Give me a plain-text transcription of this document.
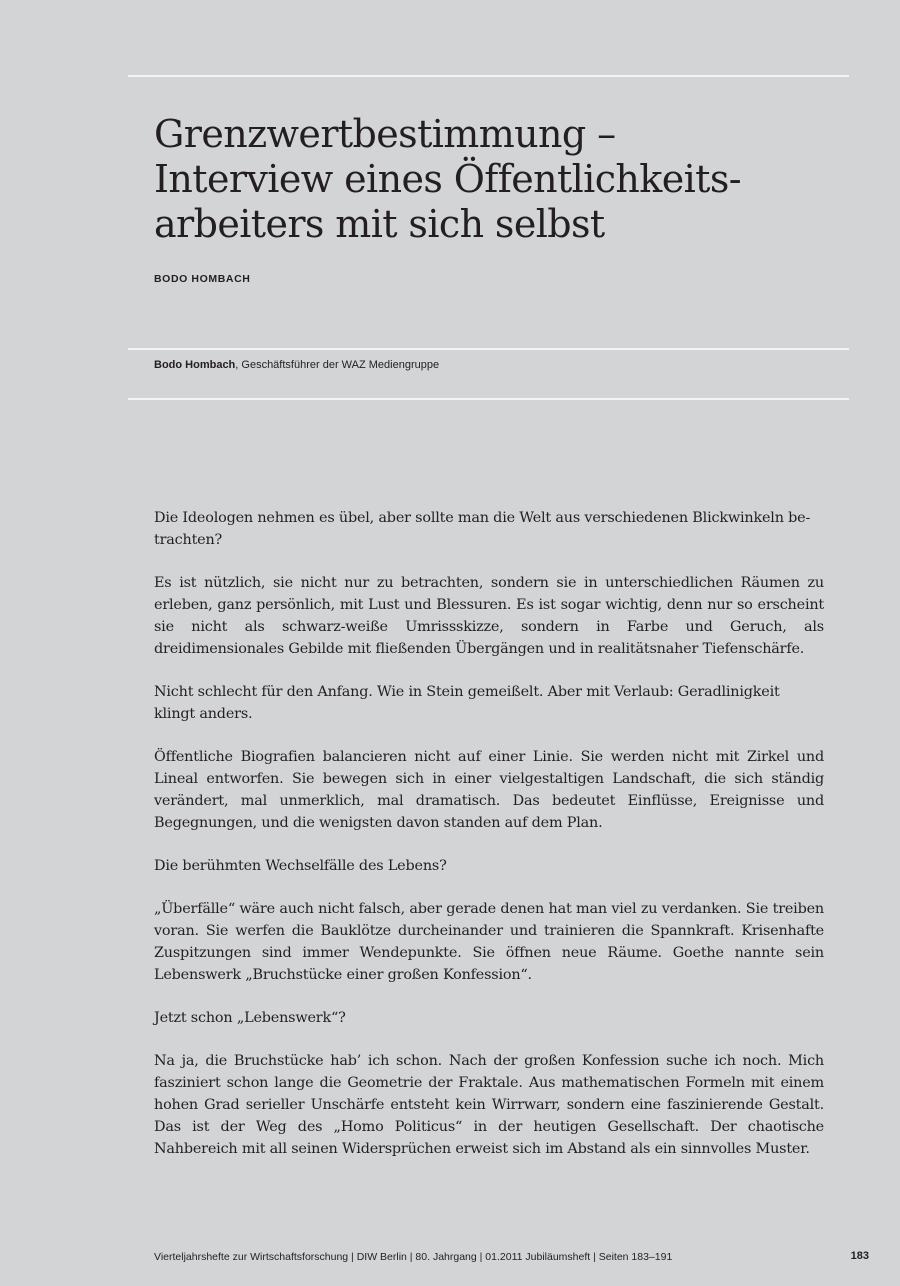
Grenzwertbestimmung –
Interview eines Öffentlichkeits-
arbeiters mit sich selbst

BODO HOMBACH

Bodo Hombach, Geschäftsführer der WAZ Mediengruppe

Die Ideologen nehmen es übel, aber sollte man die Welt aus verschiedenen Blickwinkeln betrachten?

Es ist nützlich, sie nicht nur zu betrachten, sondern sie in unterschiedlichen Räumen zu erleben, ganz persönlich, mit Lust und Blessuren. Es ist sogar wichtig, denn nur so erscheint sie nicht als schwarz-weiße Umrissskizze, sondern in Farbe und Geruch, als dreidimensionales Gebilde mit fließenden Übergängen und in realitätsnaher Tiefenschärfe.

Nicht schlecht für den Anfang. Wie in Stein gemeißelt. Aber mit Verlaub: Geradlinigkeit klingt anders.

Öffentliche Biografien balancieren nicht auf einer Linie. Sie werden nicht mit Zirkel und Lineal entworfen. Sie bewegen sich in einer vielgestaltigen Landschaft, die sich ständig verändert, mal unmerklich, mal dramatisch. Das bedeutet Einflüsse, Ereignisse und Begegnungen, und die wenigsten davon standen auf dem Plan.

Die berühmten Wechselfälle des Lebens?

„Überfälle“ wäre auch nicht falsch, aber gerade denen hat man viel zu verdanken. Sie treiben voran. Sie werfen die Bauklötze durcheinander und trainieren die Spannkraft. Krisenhafte Zuspitzungen sind immer Wendepunkte. Sie öffnen neue Räume. Goethe nannte sein Lebenswerk „Bruchstücke einer großen Konfession“.

Jetzt schon „Lebenswerk“?

Na ja, die Bruchstücke hab’ ich schon. Nach der großen Konfession suche ich noch. Mich fasziniert schon lange die Geometrie der Fraktale. Aus mathematischen Formeln mit einem hohen Grad serieller Unschärfe entsteht kein Wirrwarr, sondern eine faszinierende Gestalt. Das ist der Weg des „Homo Politicus“ in der heutigen Gesellschaft. Der chaotische Nahbereich mit all seinen Widersprüchen erweist sich im Abstand als ein sinnvolles Muster.

Vierteljahrshefte zur Wirtschaftsforschung | DIW Berlin | 80. Jahrgang | 01.2011 Jubiläumsheft | Seiten 183–191	183
